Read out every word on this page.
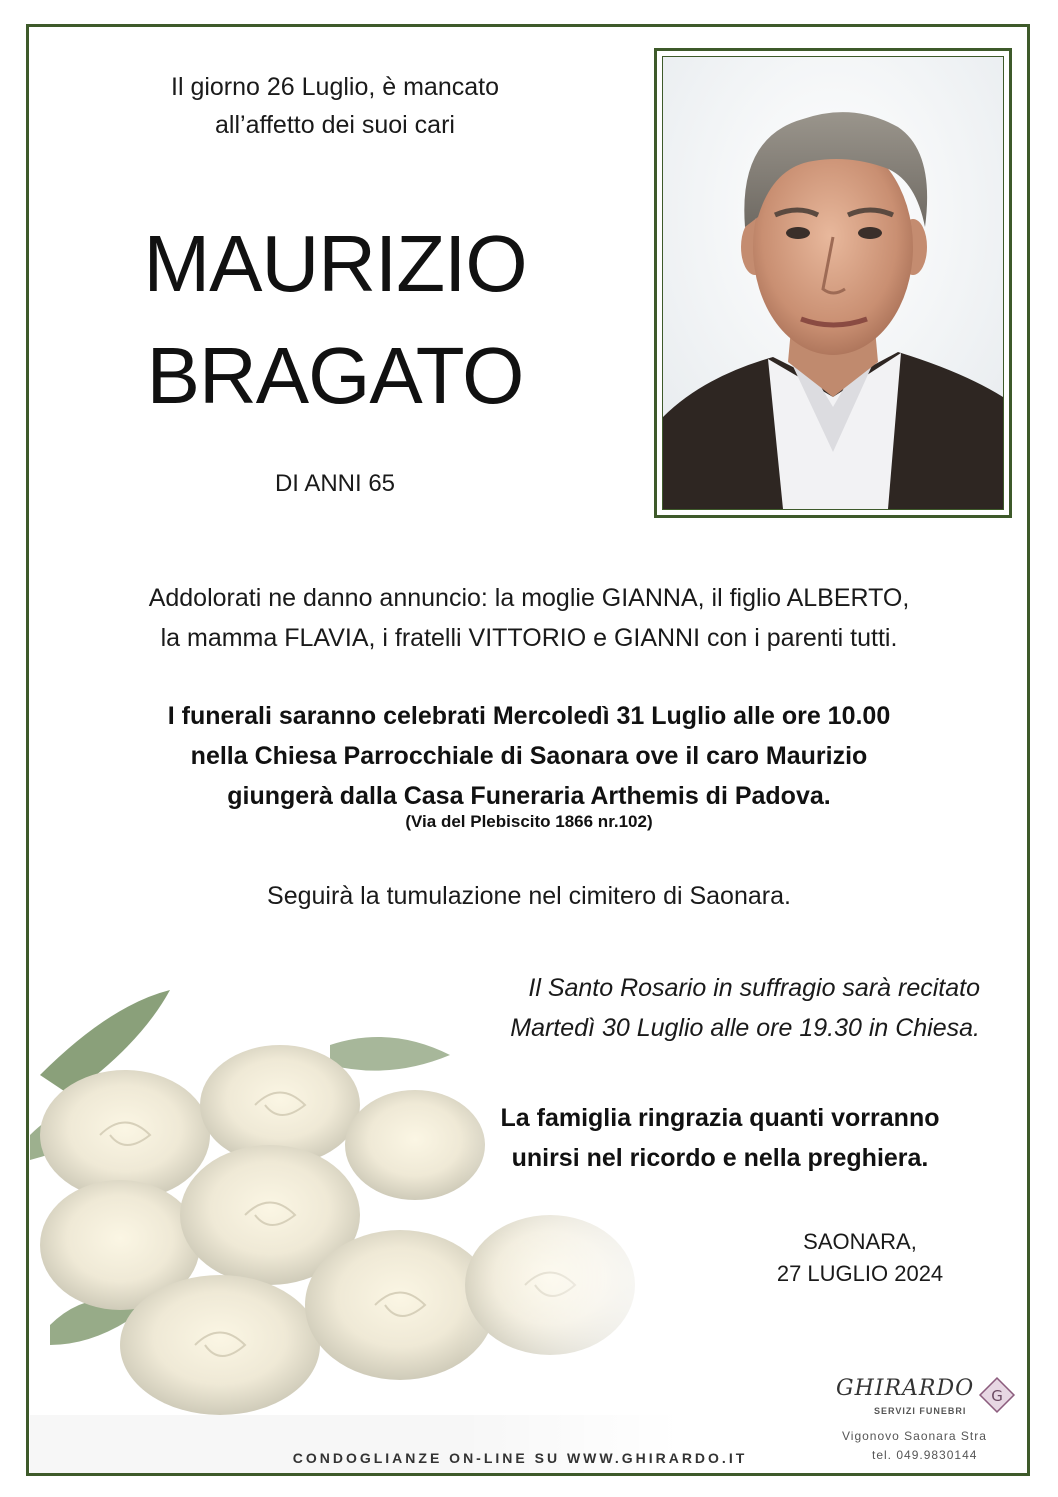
Il giorno 26 Luglio, è mancato
all’affetto dei suoi cari
MAURIZIO
BRAGATO
DI ANNI 65
Addolorati ne danno annuncio: la moglie GIANNA, il figlio ALBERTO,
la mamma FLAVIA, i fratelli VITTORIO e GIANNI con i parenti tutti.
I funerali saranno celebrati Mercoledì 31 Luglio alle ore 10.00
nella Chiesa Parrocchiale di Saonara ove il caro Maurizio
giungerà dalla Casa Funeraria Arthemis di Padova.
(Via del Plebiscito 1866 nr.102)
Seguirà la tumulazione nel cimitero di Saonara.
Il Santo Rosario in suffragio sarà recitato
Martedì 30 Luglio alle ore 19.30 in Chiesa.
La famiglia ringrazia quanti vorranno
unirsi nel ricordo e nella preghiera.
SAONARA,
27 LUGLIO 2024
CONDOGLIANZE ON-LINE SU WWW.GHIRARDO.IT
GHIRARDO
SERVIZI FUNEBRI
G
Vigonovo Saonara Stra
tel. 049.9830144
